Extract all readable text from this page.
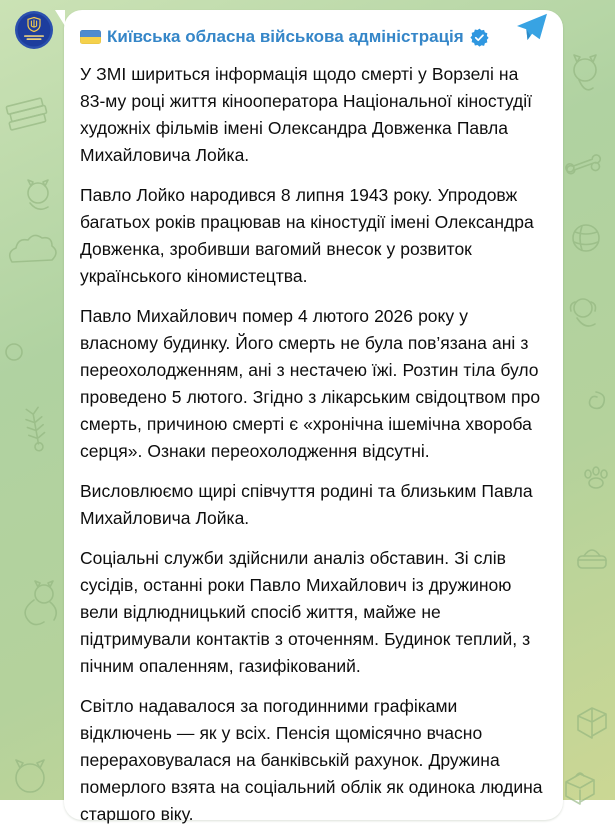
Київська обласна військова адміністрація

У ЗМІ шириться інформація щодо смерті у Ворзелі на 83-му році життя кінооператора Національної кіностудії художніх фільмів імені Олександра Довженка Павла Михайловича Лойка.

Павло Лойко народився 8 липня 1943 року. Упродовж багатьох років працював на кіностудії імені Олександра Довженка, зробивши вагомий внесок у розвиток українського кіномистецтва.

Павло Михайлович помер 4 лютого 2026 року у власному будинку. Його смерть не була пов’язана ані з переохолодженням, ані з нестачею їжі. Розтин тіла було проведено 5 лютого. Згідно з лікарським свідоцтвом про смерть, причиною смерті є «хронічна ішемічна хвороба серця». Ознаки переохолодження відсутні.

Висловлюємо щирі співчуття родині та близьким Павла Михайловича Лойка.

Соціальні служби здійснили аналіз обставин. Зі слів сусідів, останні роки Павло Михайлович із дружиною вели відлюдницький спосіб життя, майже не підтримували контактів з оточенням. Будинок теплий, з пічним опаленням, газифікований.

Світло надавалося за погодинними графіками відключень — як у всіх. Пенсія щомісячно вчасно перераховувалася на банківській рахунок. Дружина померлого взята на соціальний облік як одинока людина старшого віку.
